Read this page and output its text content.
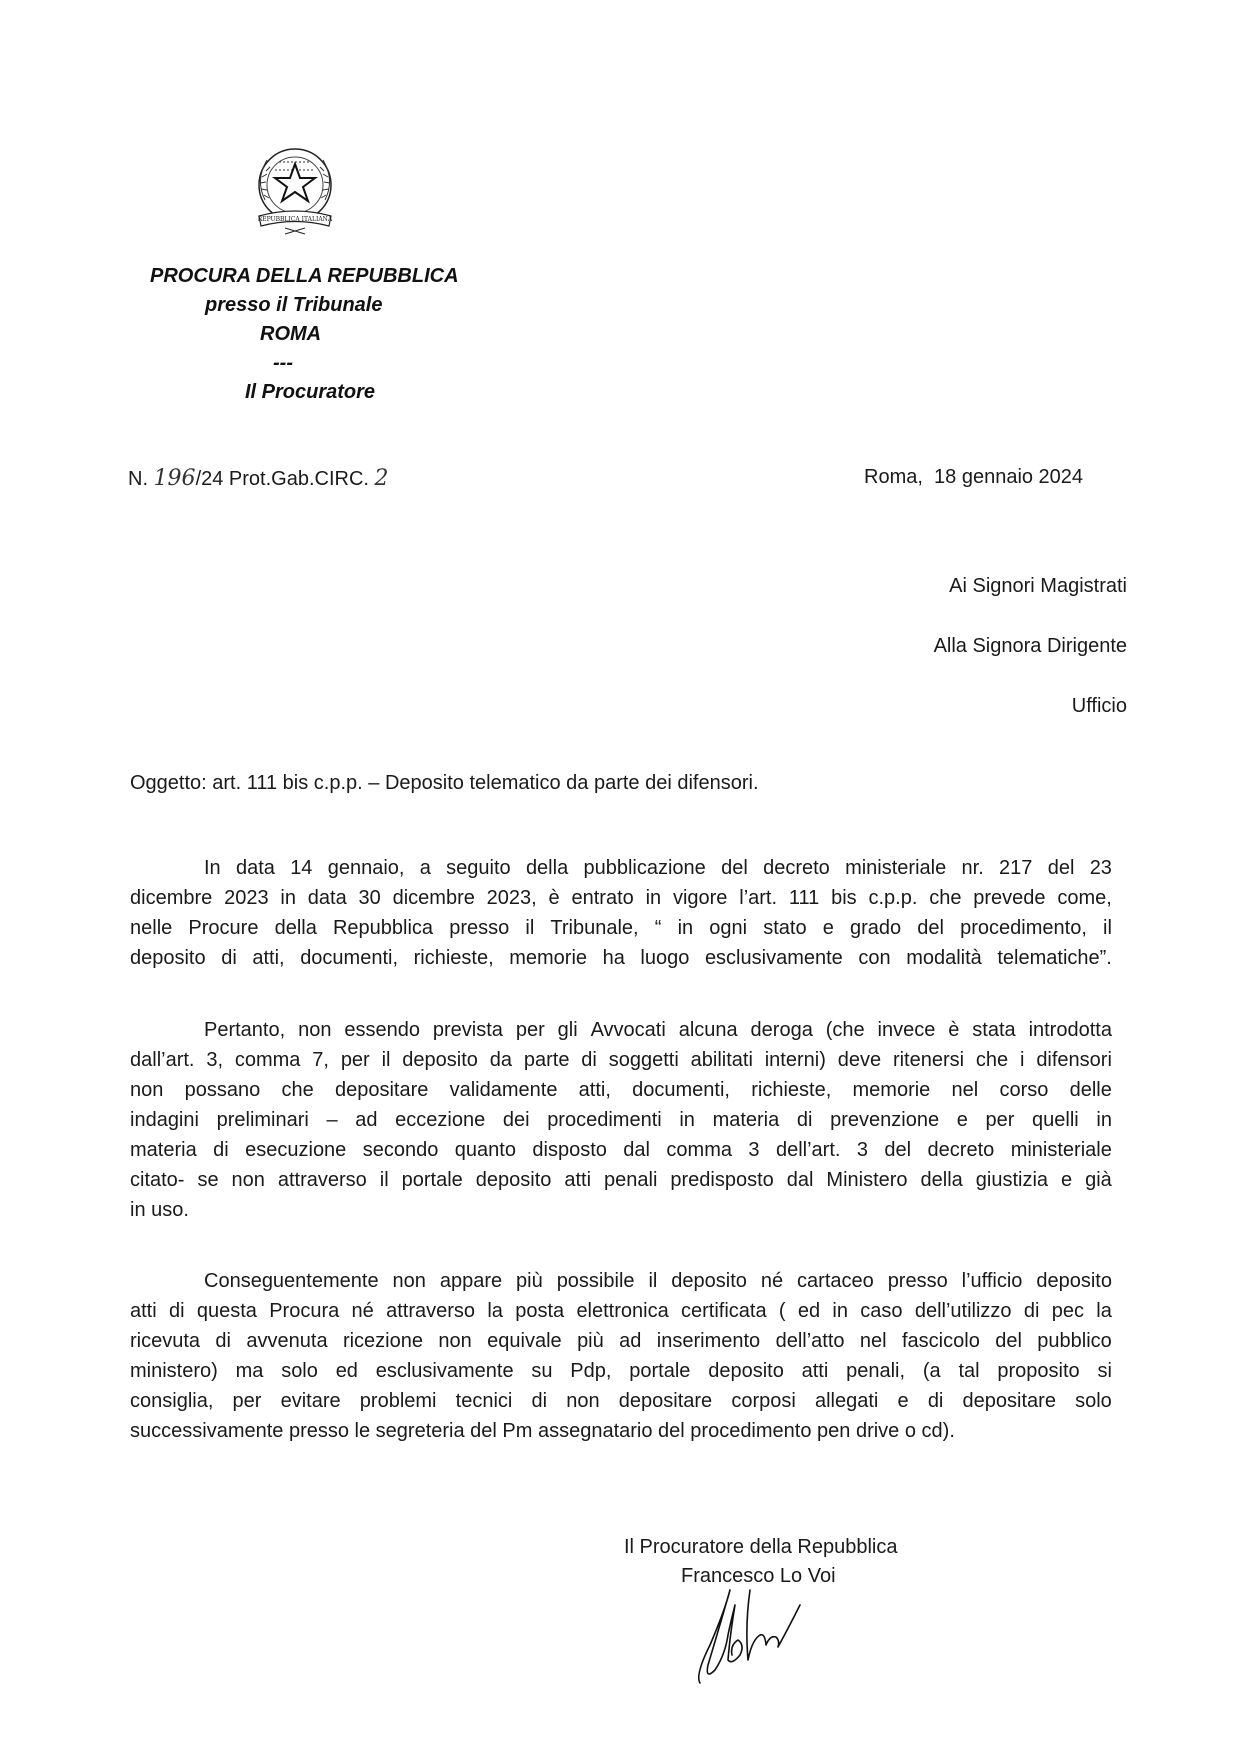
REPUBBLICA ITALIANA
PROCURA DELLA REPUBBLICA
presso il Tribunale
ROMA
---
Il Procuratore
N. 196/24 Prot.Gab.CIRC. 2	Roma,  18 gennaio 2024
Ai Signori Magistrati
Alla Signora Dirigente
Ufficio
Oggetto: art. 111 bis c.p.p. – Deposito telematico da parte dei difensori.
In data 14 gennaio, a seguito della pubblicazione del decreto ministeriale nr. 217 del 23
dicembre 2023 in data 30 dicembre 2023, è entrato in vigore l’art. 111 bis c.p.p. che prevede come,
nelle Procure della Repubblica presso il Tribunale, “ in ogni stato e grado del procedimento, il
deposito di atti, documenti, richieste, memorie ha luogo esclusivamente con modalità telematiche”.
Pertanto, non essendo prevista per gli Avvocati alcuna deroga (che invece è stata introdotta
dall’art. 3, comma 7, per il deposito da parte di soggetti abilitati interni) deve ritenersi che i difensori
non possano che depositare validamente atti, documenti, richieste, memorie nel corso delle
indagini preliminari – ad eccezione dei procedimenti in materia di prevenzione e per quelli in
materia di esecuzione secondo quanto disposto dal comma 3 dell’art. 3 del decreto ministeriale
citato- se non attraverso il portale deposito atti penali predisposto dal Ministero della giustizia e già
in uso.
Conseguentemente non appare più possibile il deposito né cartaceo presso l’ufficio deposito
atti di questa Procura né attraverso la posta elettronica certificata ( ed in caso dell’utilizzo di pec la
ricevuta di avvenuta ricezione non equivale più ad inserimento dell’atto nel fascicolo del pubblico
ministero) ma solo ed esclusivamente su Pdp, portale deposito atti penali, (a tal proposito si
consiglia, per evitare problemi tecnici di non depositare corposi allegati e di depositare solo
successivamente presso le segreteria del Pm assegnatario del procedimento pen drive o cd).
Il Procuratore della Repubblica
Francesco Lo Voi
